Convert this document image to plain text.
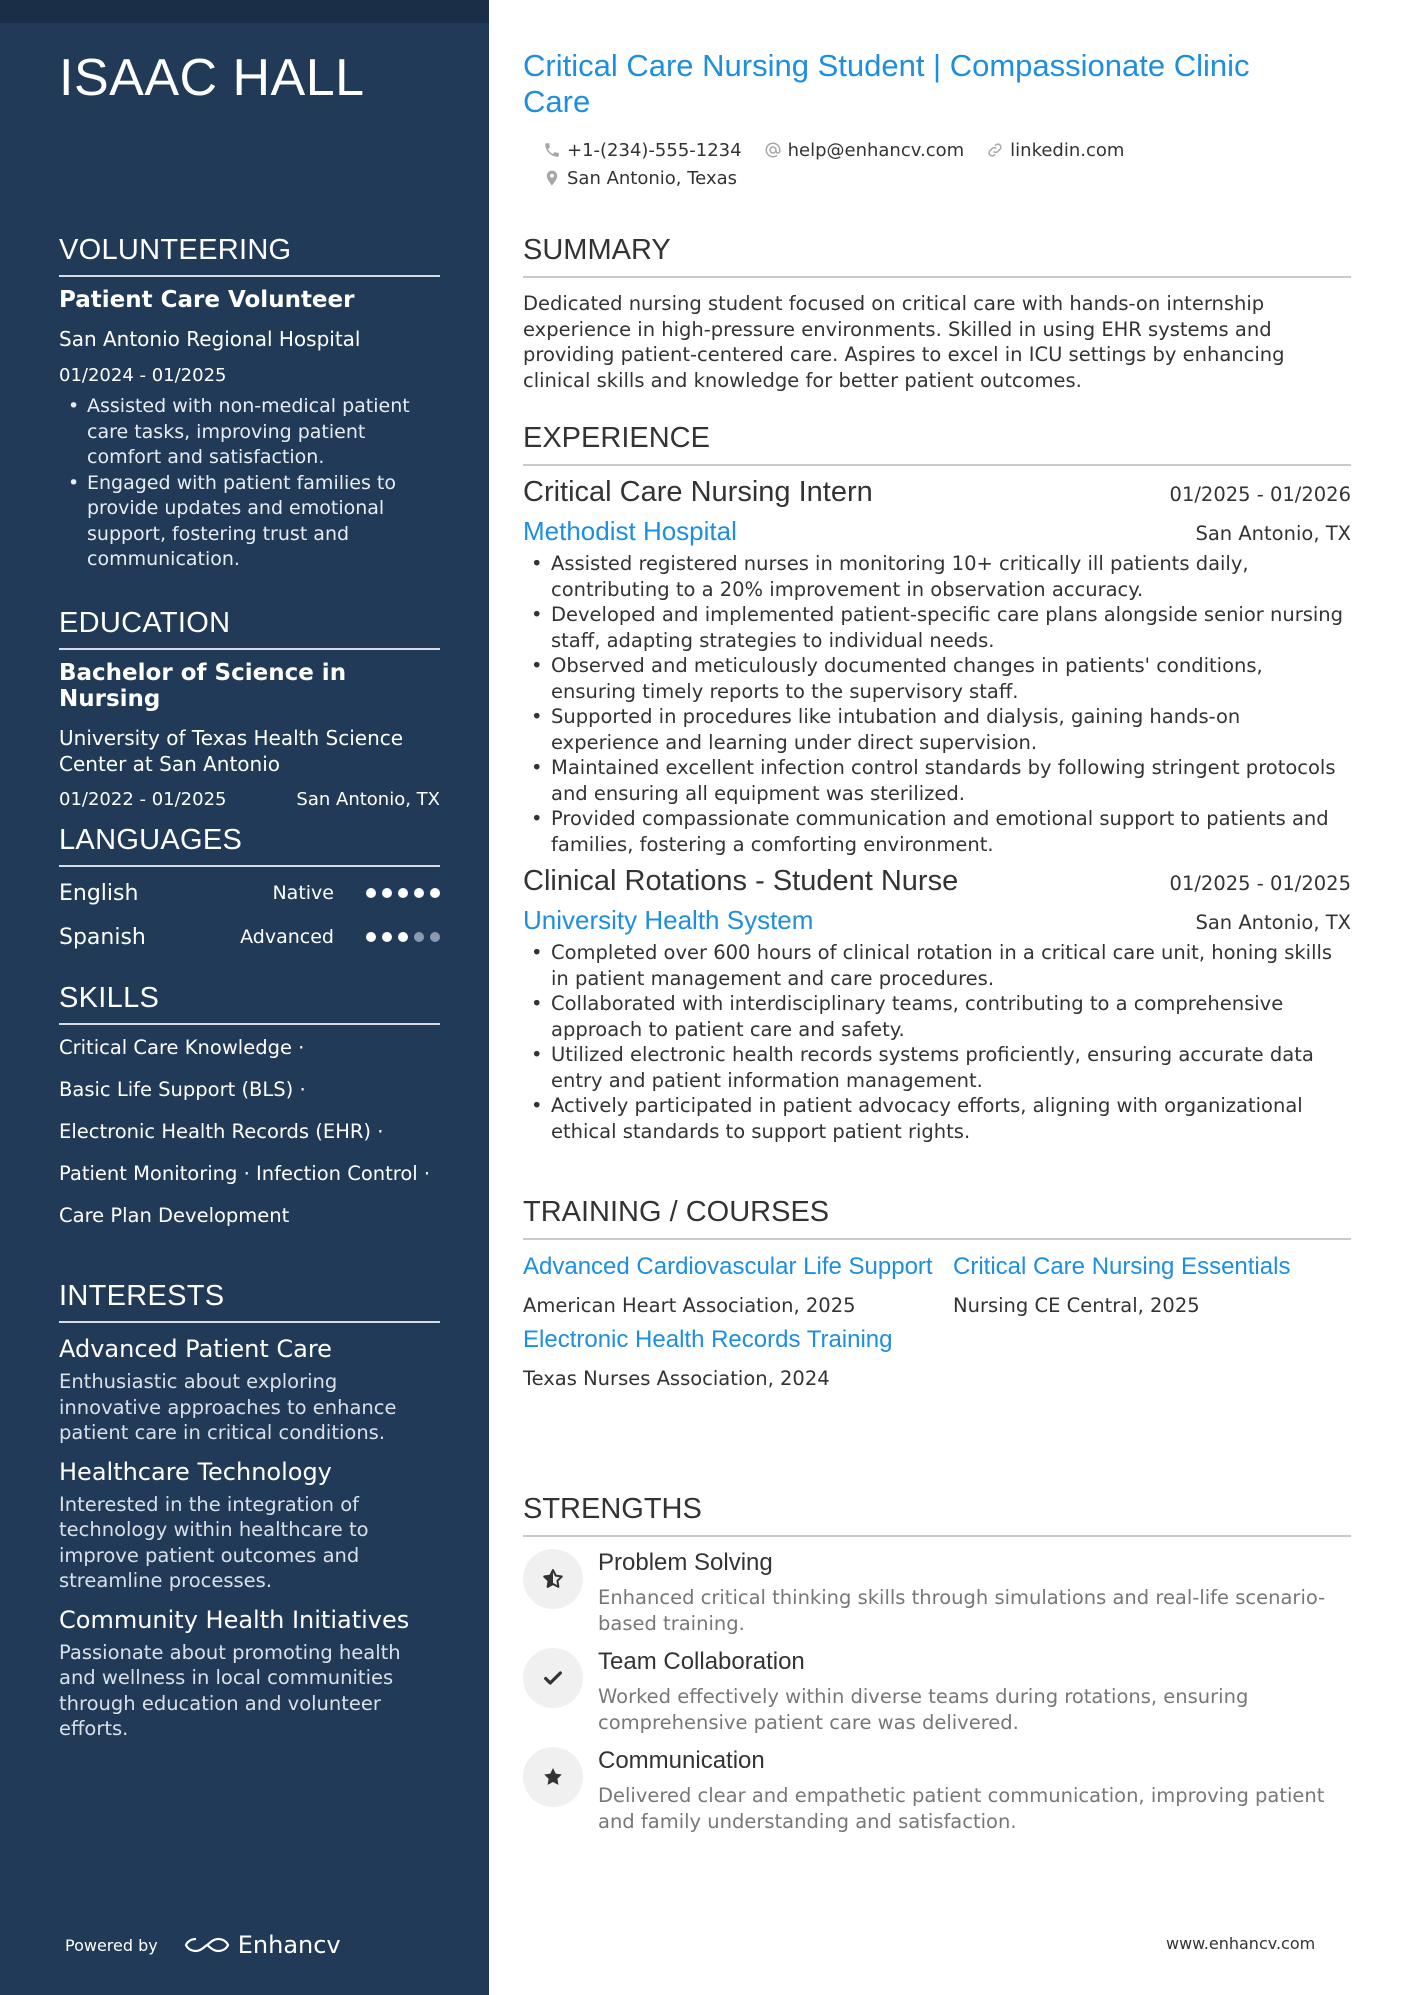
ISAAC HALL
VOLUNTEERING
Patient Care Volunteer
San Antonio Regional Hospital
01/2024 - 01/2025
• Assisted with non-medical patient care tasks, improving patient comfort and satisfaction.
• Engaged with patient families to provide updates and emotional support, fostering trust and communication.
EDUCATION
Bachelor of Science in Nursing
University of Texas Health Science Center at San Antonio
01/2022 - 01/2025	San Antonio, TX
LANGUAGES
English	Native
Spanish	Advanced
SKILLS
Critical Care Knowledge ·
Basic Life Support (BLS) ·
Electronic Health Records (EHR) ·
Patient Monitoring · Infection Control ·
Care Plan Development
INTERESTS
Advanced Patient Care
Enthusiastic about exploring innovative approaches to enhance patient care in critical conditions.
Healthcare Technology
Interested in the integration of technology within healthcare to improve patient outcomes and streamline processes.
Community Health Initiatives
Passionate about promoting health and wellness in local communities through education and volunteer efforts.
Powered by	Enhancv
Critical Care Nursing Student | Compassionate Clinic Care
+1-(234)-555-1234	help@enhancv.com	linkedin.com
San Antonio, Texas
SUMMARY

Dedicated nursing student focused on critical care with hands-on internship experience in high-pressure environments. Skilled in using EHR systems and providing patient-centered care. Aspires to excel in ICU settings by enhancing clinical skills and knowledge for better patient outcomes.

EXPERIENCE
Critical Care Nursing Intern	01/2025 - 01/2026
Methodist Hospital	San Antonio, TX
• Assisted registered nurses in monitoring 10+ critically ill patients daily, contributing to a 20% improvement in observation accuracy.
• Developed and implemented patient-specific care plans alongside senior nursing staff, adapting strategies to individual needs.
• Observed and meticulously documented changes in patients' conditions, ensuring timely reports to the supervisory staff.
• Supported in procedures like intubation and dialysis, gaining hands-on experience and learning under direct supervision.
• Maintained excellent infection control standards by following stringent protocols and ensuring all equipment was sterilized.
• Provided compassionate communication and emotional support to patients and families, fostering a comforting environment.
Clinical Rotations - Student Nurse	01/2025 - 01/2025
University Health System	San Antonio, TX
• Completed over 600 hours of clinical rotation in a critical care unit, honing skills in patient management and care procedures.
• Collaborated with interdisciplinary teams, contributing to a comprehensive approach to patient care and safety.
• Utilized electronic health records systems proficiently, ensuring accurate data entry and patient information management.
• Actively participated in patient advocacy efforts, aligning with organizational ethical standards to support patient rights.
TRAINING / COURSES
Advanced Cardiovascular Life Support
American Heart Association, 2025
Critical Care Nursing Essentials
Nursing CE Central, 2025
Electronic Health Records Training
Texas Nurses Association, 2024
STRENGTHS
Problem Solving
Enhanced critical thinking skills through simulations and real-life scenario-based training.
Team Collaboration
Worked effectively within diverse teams during rotations, ensuring comprehensive patient care was delivered.
Communication
Delivered clear and empathetic patient communication, improving patient and family understanding and satisfaction.
www.enhancv.com
